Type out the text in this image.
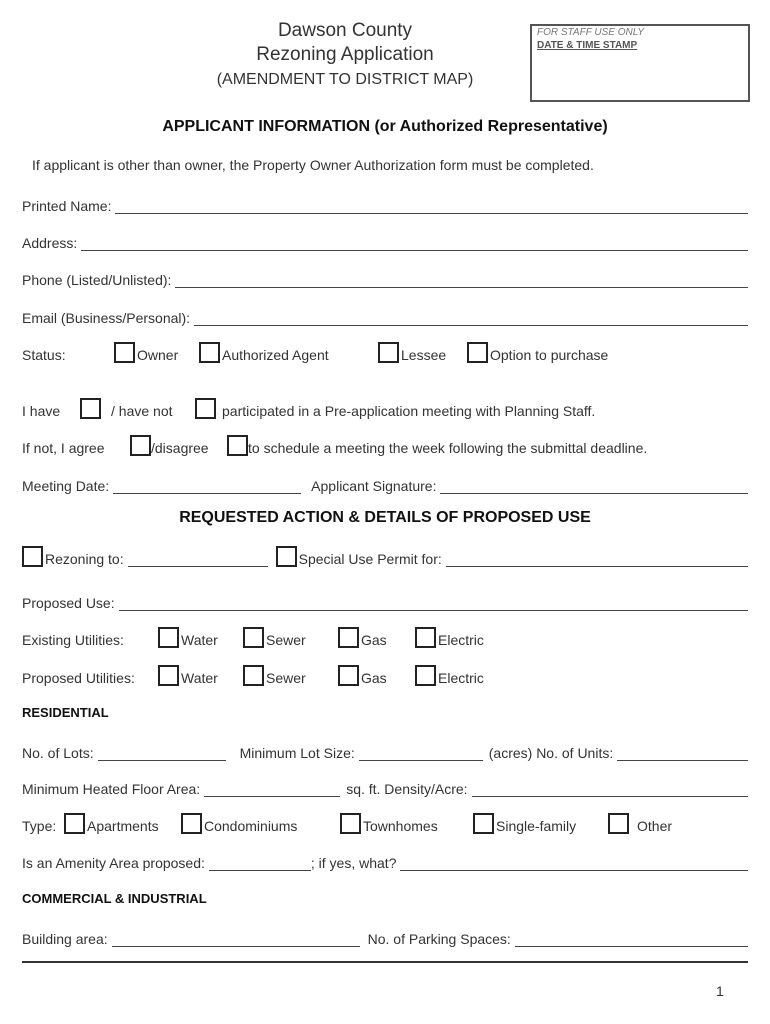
Dawson County
Rezoning Application
(AMENDMENT TO DISTRICT MAP)
FOR STAFF USE ONLY
DATE & TIME STAMP
APPLICANT INFORMATION (or Authorized Representative)
If applicant is other than owner, the Property Owner Authorization form must be completed.
Printed Name:
Address:
Phone (Listed/Unlisted):
Email (Business/Personal):
Status:	Owner	Authorized Agent	Lessee	Option to purchase
I have	/ have not	participated in a Pre-application meeting with Planning Staff.
If not, I agree	/disagree	to schedule a meeting the week following the submittal deadline.
Meeting Date:	Applicant Signature:
REQUESTED ACTION & DETAILS OF PROPOSED USE
Rezoning to:	Special Use Permit for:
Proposed Use:
Existing Utilities:	Water	Sewer	Gas	Electric
Proposed Utilities:	Water	Sewer	Gas	Electric
RESIDENTIAL
No. of Lots:	Minimum Lot Size:	(acres) No. of Units:
Minimum Heated Floor Area:	sq. ft. Density/Acre:
Type:	Apartments	Condominiums	Townhomes	Single-family	Other
Is an Amenity Area proposed:	; if yes, what?
COMMERCIAL & INDUSTRIAL
Building area:	No. of Parking Spaces:
1
